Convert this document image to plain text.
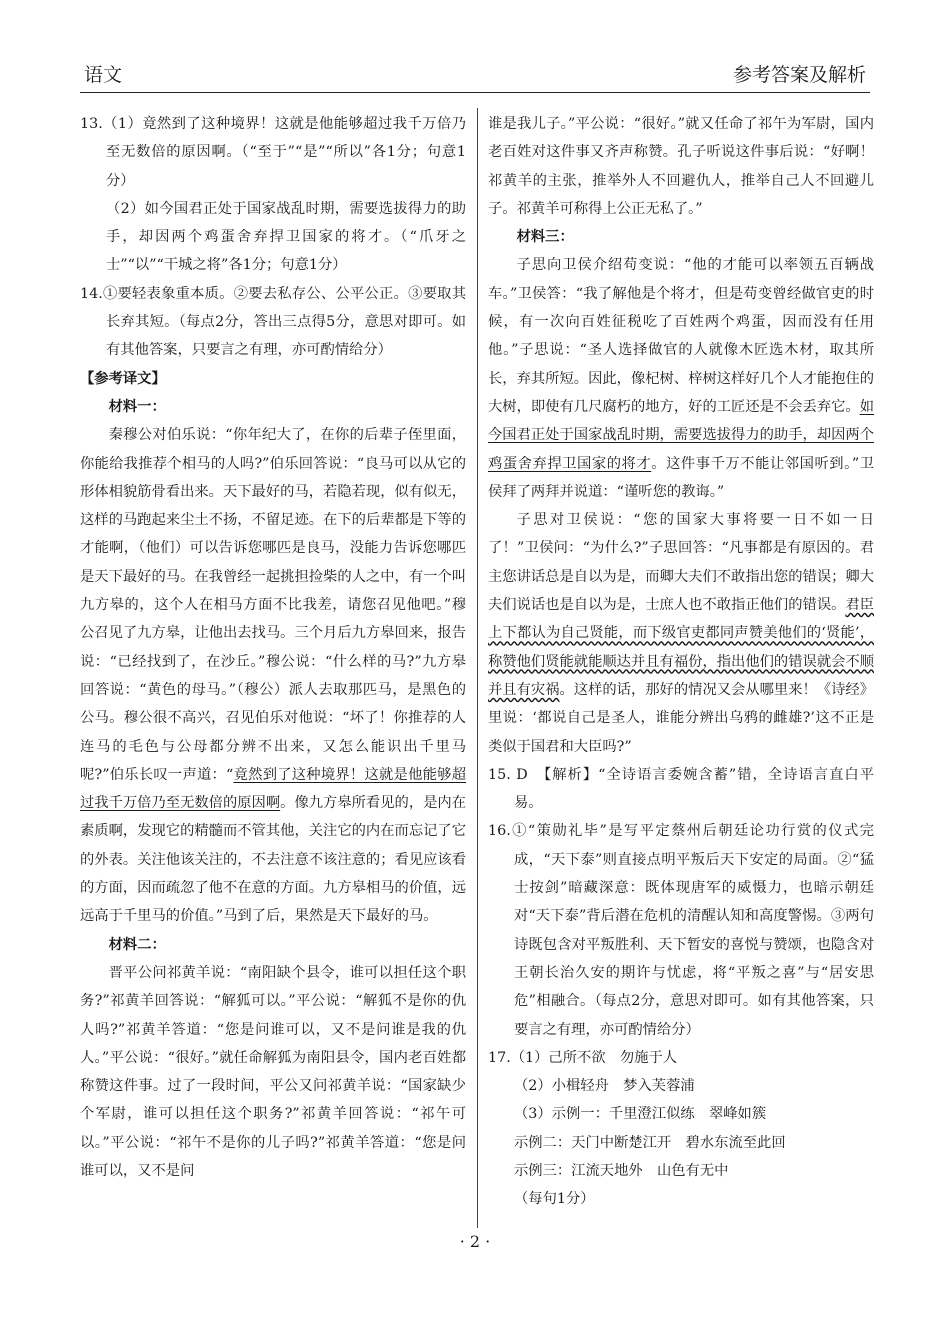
语文	参考答案及解析

13.（1）竟然到了这种境界！这就是他能够超过我千万倍乃至无数倍的原因啊。（“至于”“是”“所以”各1分；句意1分）

（2）如今国君正处于国家战乱时期，需要选拔得力的助手，却因两个鸡蛋舍弃捍卫国家的将才。（“爪牙之士”“以”“干城之将”各1分；句意1分）

14.①要轻表象重本质。②要去私存公、公平公正。③要取其长弃其短。（每点2分，答出三点得5分，意思对即可。如有其他答案，只要言之有理，亦可酌情给分）

【参考译文】

材料一：

秦穆公对伯乐说：“你年纪大了，在你的后辈子侄里面，你能给我推荐个相马的人吗?”伯乐回答说：“良马可以从它的形体相貌筋骨看出来。天下最好的马，若隐若现，似有似无，这样的马跑起来尘土不扬，不留足迹。在下的后辈都是下等的才能啊，（他们）可以告诉您哪匹是良马，没能力告诉您哪匹是天下最好的马。在我曾经一起挑担捡柴的人之中，有一个叫九方皋的，这个人在相马方面不比我差，请您召见他吧。”穆公召见了九方皋，让他出去找马。三个月后九方皋回来，报告说：“已经找到了，在沙丘。”穆公说：“什么样的马?”九方皋回答说：“黄色的母马。”（穆公）派人去取那匹马，是黑色的公马。穆公很不高兴，召见伯乐对他说：“坏了！你推荐的人连马的毛色与公母都分辨不出来，又怎么能识出千里马呢?”伯乐长叹一声道：“竟然到了这种境界！这就是他能够超过我千万倍乃至无数倍的原因啊。像九方皋所看见的，是内在素质啊，发现它的精髓而不管其他，关注它的内在而忘记了它的外表。关注他该关注的，不去注意不该注意的；看见应该看的方面，因而疏忽了他不在意的方面。九方皋相马的价值，远远高于千里马的价值。”马到了后，果然是天下最好的马。

材料二：

晋平公问祁黄羊说：“南阳缺个县令，谁可以担任这个职务?”祁黄羊回答说：“解狐可以。”平公说：“解狐不是你的仇人吗?”祁黄羊答道：“您是问谁可以，又不是问谁是我的仇人。”平公说：“很好。”就任命解狐为南阳县令，国内老百姓都称赞这件事。过了一段时间，平公又问祁黄羊说：“国家缺少个军尉，谁可以担任这个职务?”祁黄羊回答说：“祁午可以。”平公说：“祁午不是你的儿子吗?”祁黄羊答道：“您是问谁可以，又不是问

谁是我儿子。”平公说：“很好。”就又任命了祁午为军尉，国内老百姓对这件事又齐声称赞。孔子听说这件事后说：“好啊！祁黄羊的主张，推举外人不回避仇人，推举自己人不回避儿子。祁黄羊可称得上公正无私了。”

材料三：

子思向卫侯介绍苟变说：“他的才能可以率领五百辆战车。”卫侯答：“我了解他是个将才，但是苟变曾经做官吏的时候，有一次向百姓征税吃了百姓两个鸡蛋，因而没有任用他。”子思说：“圣人选择做官的人就像木匠选木材，取其所长，弃其所短。因此，像杞树、梓树这样好几个人才能抱住的大树，即使有几尺腐朽的地方，好的工匠还是不会丢弃它。如今国君正处于国家战乱时期，需要选拔得力的助手，却因两个鸡蛋舍弃捍卫国家的将才。这件事千万不能让邻国听到。”卫侯拜了两拜并说道：“谨听您的教诲。”

子思对卫侯说：“您的国家大事将要一日不如一日了！”卫侯问：“为什么?”子思回答：“凡事都是有原因的。君主您讲话总是自以为是，而卿大夫们不敢指出您的错误；卿大夫们说话也是自以为是，士庶人也不敢指正他们的错误。君臣上下都认为自己贤能，而下级官吏都同声赞美他们的‘贤能’，称赞他们贤能就能顺达并且有福份，指出他们的错误就会不顺并且有灾祸。这样的话，那好的情况又会从哪里来！《诗经》里说：‘都说自己是圣人，谁能分辨出乌鸦的雌雄?’这不正是类似于国君和大臣吗?”

15. D　【解析】“全诗语言委婉含蓄”错，全诗语言直白平易。

16.①“策勋礼毕”是写平定蔡州后朝廷论功行赏的仪式完成，“天下泰”则直接点明平叛后天下安定的局面。②“猛士按剑”暗藏深意：既体现唐军的威慑力，也暗示朝廷对“天下泰”背后潜在危机的清醒认知和高度警惕。③两句诗既包含对平叛胜利、天下暂安的喜悦与赞颂，也隐含对王朝长治久安的期许与忧虑，将“平叛之喜”与“居安思危”相融合。（每点2分，意思对即可。如有其他答案，只要言之有理，亦可酌情给分）

17.（1）己所不欲　勿施于人

（2）小楫轻舟　梦入芙蓉浦

（3）示例一：千里澄江似练　翠峰如簇

示例二：天门中断楚江开　碧水东流至此回

示例三：江流天地外　山色有无中

（每句1分）

· 2 ·
